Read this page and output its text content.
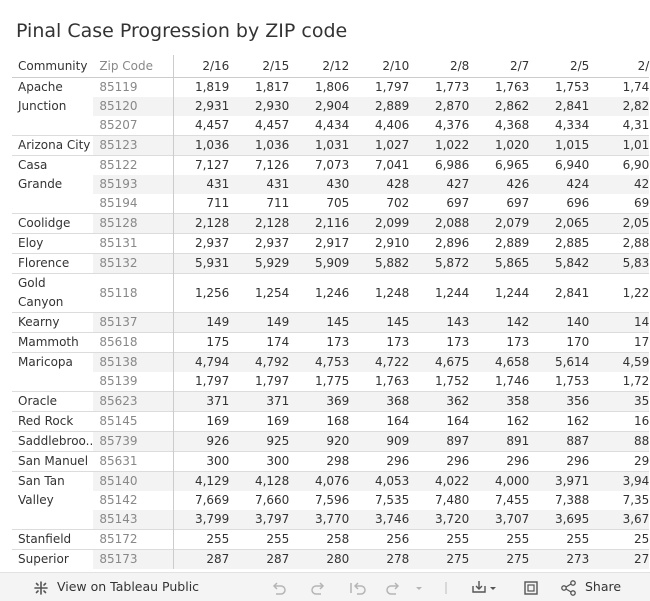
Pinal Case Progression by ZIP code
Community	Zip Code	2/16	2/15	2/12	2/10	2/8	2/7	2/5	2/
Apache Junction	85119	1,819	1,817	1,806	1,797	1,773	1,763	1,753	1,74
	85120	2,931	2,930	2,904	2,889	2,870	2,862	2,841	2,82
	85207	4,457	4,457	4,434	4,406	4,376	4,368	4,334	4,31
Arizona City	85123	1,036	1,036	1,031	1,027	1,022	1,020	1,015	1,01
Casa Grande	85122	7,127	7,126	7,073	7,041	6,986	6,965	6,940	6,90
	85193	431	431	430	428	427	426	424	42
	85194	711	711	705	702	697	697	696	69
Coolidge	85128	2,128	2,128	2,116	2,099	2,088	2,079	2,065	2,05
Eloy	85131	2,937	2,937	2,917	2,910	2,896	2,889	2,885	2,88
Florence	85132	5,931	5,929	5,909	5,882	5,872	5,865	5,842	5,83
Gold Canyon	85118	1,256	1,254	1,246	1,248	1,244	1,244	2,841	1,22
Kearny	85137	149	149	145	145	143	142	140	14
Mammoth	85618	175	174	173	173	173	173	170	17
Maricopa	85138	4,794	4,792	4,753	4,722	4,675	4,658	5,614	4,59
	85139	1,797	1,797	1,775	1,763	1,752	1,746	1,753	1,72
Oracle	85623	371	371	369	368	362	358	356	35
Red Rock	85145	169	169	168	164	164	162	162	16
Saddlebroo..	85739	926	925	920	909	897	891	887	88
San Manuel	85631	300	300	298	296	296	296	296	29
San Tan Valley	85140	4,129	4,128	4,076	4,053	4,022	4,000	3,971	3,94
	85142	7,669	7,660	7,596	7,535	7,480	7,455	7,388	7,35
	85143	3,799	3,797	3,770	3,746	3,720	3,707	3,695	3,67
Stanfield	85172	255	255	258	256	255	255	255	25
Superior	85173	287	287	280	278	275	275	273	27
View on Tableau Public	Share
